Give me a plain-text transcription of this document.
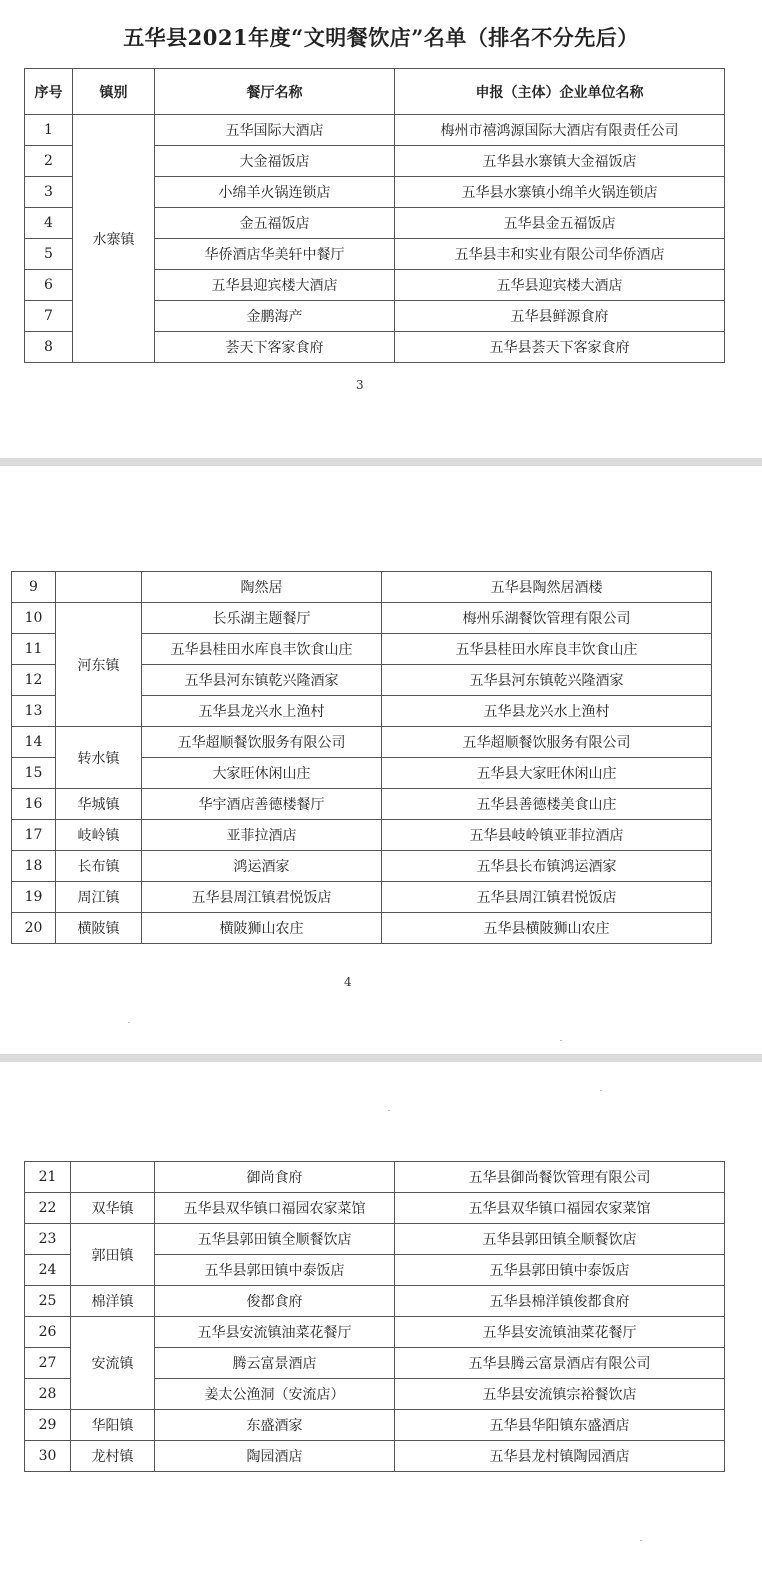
五华县2021年度“文明餐饮店”名单（排名不分先后）
序号	镇别	餐厅名称	申报（主体）企业单位名称
1	水寨镇	五华国际大酒店	梅州市禧鸿源国际大酒店有限责任公司
2		大金福饭店	五华县水寨镇大金福饭店
3		小绵羊火锅连锁店	五华县水寨镇小绵羊火锅连锁店
4		金五福饭店	五华县金五福饭店
5		华侨酒店华美轩中餐厅	五华县丰和实业有限公司华侨酒店
6		五华县迎宾楼大酒店	五华县迎宾楼大酒店
7		金鹏海产	五华县鲜源食府
8		荟天下客家食府	五华县荟天下客家食府
3
9		陶然居	五华县陶然居酒楼
10	河东镇	长乐湖主题餐厅	梅州乐湖餐饮管理有限公司
11		五华县桂田水库良丰饮食山庄	五华县桂田水库良丰饮食山庄
12		五华县河东镇乾兴隆酒家	五华县河东镇乾兴隆酒家
13		五华县龙兴水上渔村	五华县龙兴水上渔村
14	转水镇	五华超顺餐饮服务有限公司	五华超顺餐饮服务有限公司
15		大家旺休闲山庄	五华县大家旺休闲山庄
16	华城镇	华宇酒店善德楼餐厅	五华县善德楼美食山庄
17	岐岭镇	亚菲拉酒店	五华县岐岭镇亚菲拉酒店
18	长布镇	鸿运酒家	五华县长布镇鸿运酒家
19	周江镇	五华县周江镇君悦饭店	五华县周江镇君悦饭店
20	横陂镇	横陂狮山农庄	五华县横陂狮山农庄
4
21		御尚食府	五华县御尚餐饮管理有限公司
22	双华镇	五华县双华镇口福园农家菜馆	五华县双华镇口福园农家菜馆
23	郭田镇	五华县郭田镇全顺餐饮店	五华县郭田镇全顺餐饮店
24		五华县郭田镇中泰饭店	五华县郭田镇中泰饭店
25	棉洋镇	俊都食府	五华县棉洋镇俊都食府
26	安流镇	五华县安流镇油菜花餐厅	五华县安流镇油菜花餐厅
27		腾云富景酒店	五华县腾云富景酒店有限公司
28		姜太公渔洞（安流店）	五华县安流镇宗裕餐饮店
29	华阳镇	东盛酒家	五华县华阳镇东盛酒店
30	龙村镇	陶园酒店	五华县龙村镇陶园酒店
